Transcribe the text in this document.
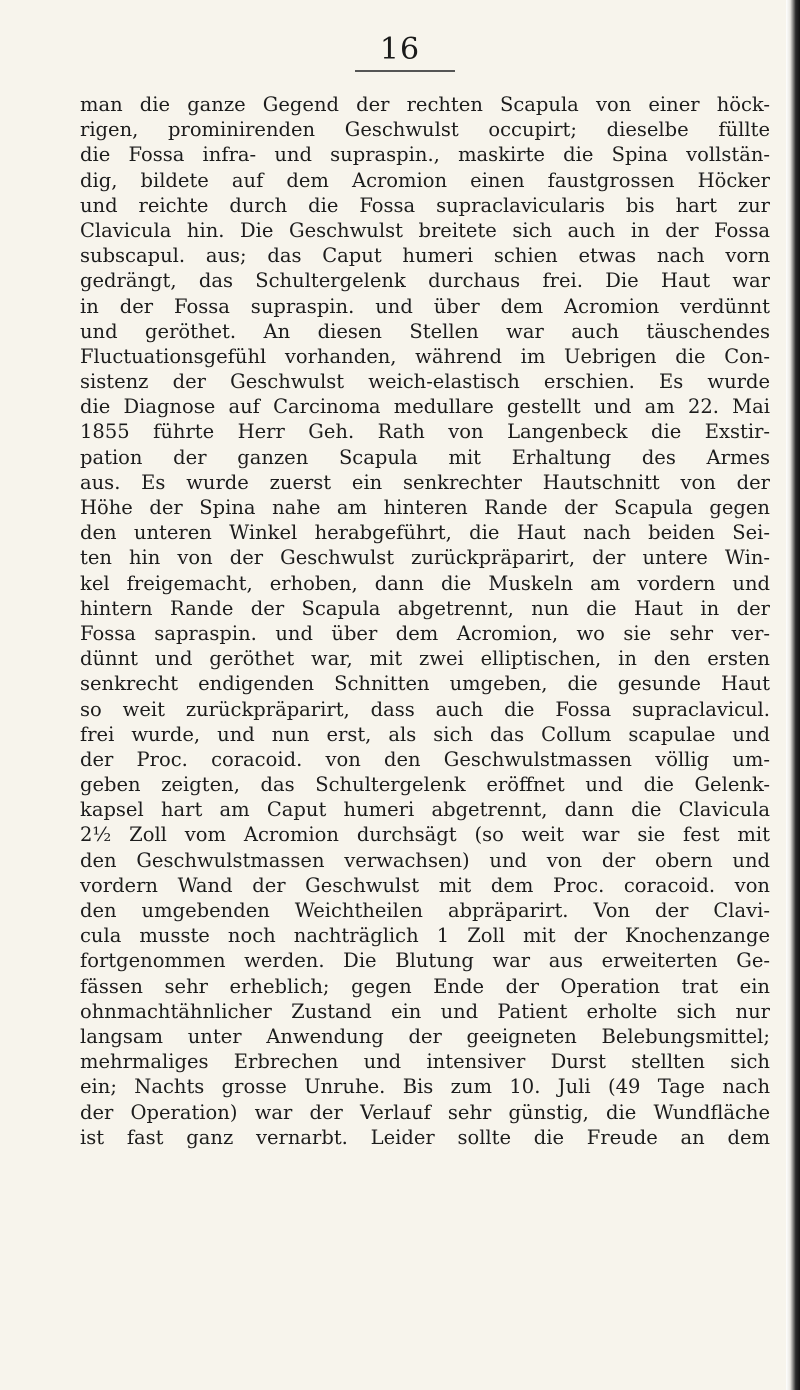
16
man die ganze Gegend der rechten Scapula von einer höck-
rigen, prominirenden Geschwulst occupirt; dieselbe füllte
die Fossa infra- und supraspin., maskirte die Spina vollstän-
dig, bildete auf dem Acromion einen faustgrossen Höcker
und reichte durch die Fossa supraclavicularis bis hart zur
Clavicula hin. Die Geschwulst breitete sich auch in der Fossa
subscapul. aus; das Caput humeri schien etwas nach vorn
gedrängt, das Schultergelenk durchaus frei. Die Haut war
in der Fossa supraspin. und über dem Acromion verdünnt
und geröthet. An diesen Stellen war auch täuschendes
Fluctuationsgefühl vorhanden, während im Uebrigen die Con-
sistenz der Geschwulst weich-elastisch erschien. Es wurde
die Diagnose auf Carcinoma medullare gestellt und am 22. Mai
1855 führte Herr Geh. Rath von Langenbeck die Exstir-
pation der ganzen Scapula mit Erhaltung des Armes
aus. Es wurde zuerst ein senkrechter Hautschnitt von der
Höhe der Spina nahe am hinteren Rande der Scapula gegen
den unteren Winkel herabgeführt, die Haut nach beiden Sei-
ten hin von der Geschwulst zurückpräparirt, der untere Win-
kel freigemacht, erhoben, dann die Muskeln am vordern und
hintern Rande der Scapula abgetrennt, nun die Haut in der
Fossa sapraspin. und über dem Acromion, wo sie sehr ver-
dünnt und geröthet war, mit zwei elliptischen, in den ersten
senkrecht endigenden Schnitten umgeben, die gesunde Haut
so weit zurückpräparirt, dass auch die Fossa supraclavicul.
frei wurde, und nun erst, als sich das Collum scapulae und
der Proc. coracoid. von den Geschwulstmassen völlig um-
geben zeigten, das Schultergelenk eröffnet und die Gelenk-
kapsel hart am Caput humeri abgetrennt, dann die Clavicula
2½ Zoll vom Acromion durchsägt (so weit war sie fest mit
den Geschwulstmassen verwachsen) und von der obern und
vordern Wand der Geschwulst mit dem Proc. coracoid. von
den umgebenden Weichtheilen abpräparirt. Von der Clavi-
cula musste noch nachträglich 1 Zoll mit der Knochenzange
fortgenommen werden. Die Blutung war aus erweiterten Ge-
fässen sehr erheblich; gegen Ende der Operation trat ein
ohnmachtähnlicher Zustand ein und Patient erholte sich nur
langsam unter Anwendung der geeigneten Belebungsmittel;
mehrmaliges Erbrechen und intensiver Durst stellten sich
ein; Nachts grosse Unruhe. Bis zum 10. Juli (49 Tage nach
der Operation) war der Verlauf sehr günstig, die Wundfläche
ist fast ganz vernarbt. Leider sollte die Freude an dem
